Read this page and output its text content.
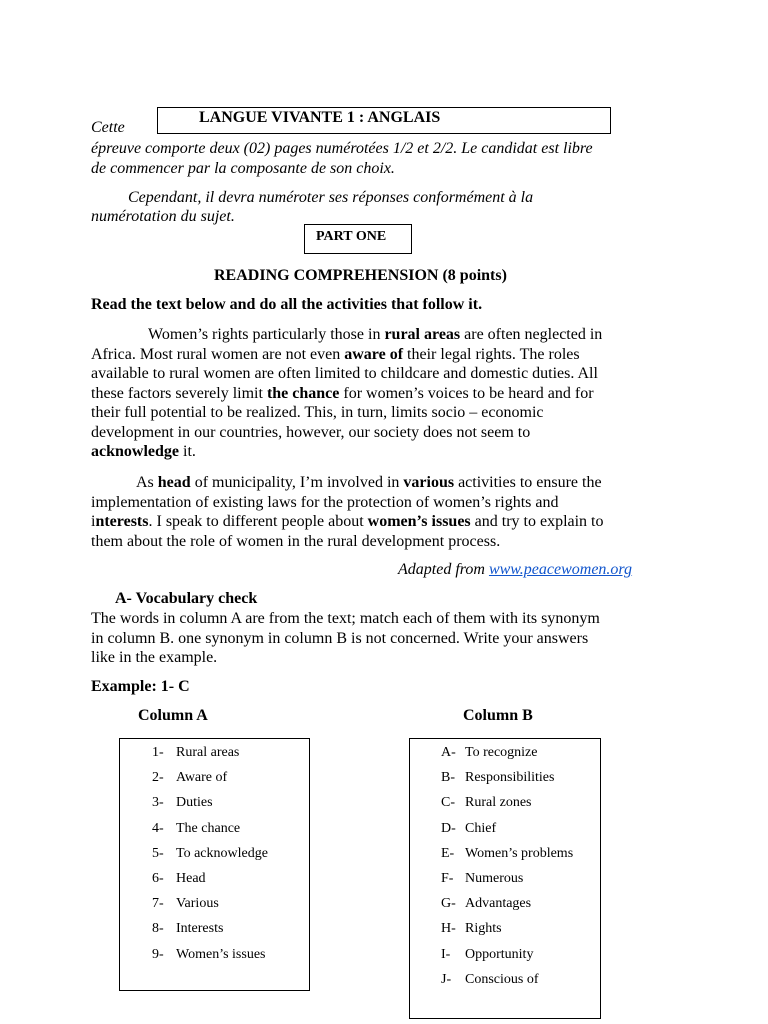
LANGUE VIVANTE 1 : ANGLAIS
Cette
épreuve comporte deux (02) pages numérotées 1/2 et 2/2. Le candidat est libre
de commencer par la composante de son choix.
Cependant, il devra numéroter ses réponses conformément à la
numérotation du sujet.
PART ONE
READING COMPREHENSION (8 points)
Read the text below and do all the activities that follow it.
Women’s rights particularly those in rural areas are often neglected in
Africa. Most rural women are not even aware of their legal rights. The roles
available to rural women are often limited to childcare and domestic duties. All
these factors severely limit the chance for women’s voices to be heard and for
their full potential to be realized. This, in turn, limits socio – economic
development in our countries, however, our society does not seem to
acknowledge it.
As head of municipality, I’m involved in various activities to ensure the
implementation of existing laws for the protection of women’s rights and
interests. I speak to different people about women’s issues and try to explain to
them about the role of women in the rural development process.
Adapted from www.peacewomen.org
A- Vocabulary check
The words in column A are from the text; match each of them with its synonym
in column B. one synonym in column B is not concerned. Write your answers
like in the example.
Example: 1- C
Column A	Column B
1- Rural areas
2- Aware of
3- Duties
4- The chance
5- To acknowledge
6- Head
7- Various
8- Interests
9- Women’s issues
A- To recognize
B- Responsibilities
C- Rural zones
D- Chief
E- Women’s problems
F- Numerous
G- Advantages
H- Rights
I- Opportunity
J- Conscious of
